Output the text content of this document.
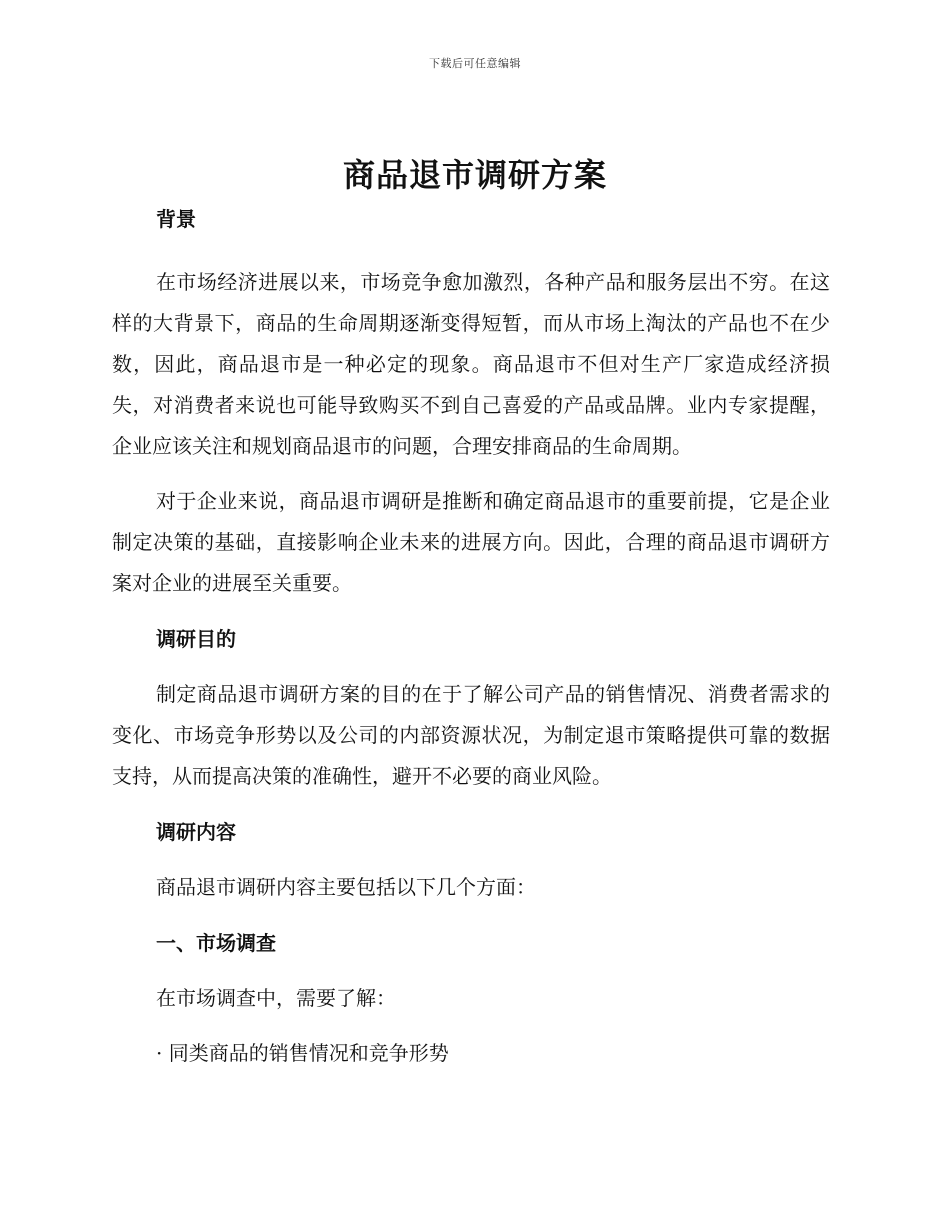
下载后可任意编辑
商品退市调研方案
背景

在市场经济进展以来，市场竞争愈加激烈，各种产品和服务层出不穷。在这样的大背景下，商品的生命周期逐渐变得短暂，而从市场上淘汰的产品也不在少数，因此，商品退市是一种必定的现象。商品退市不但对生产厂家造成经济损失，对消费者来说也可能导致购买不到自己喜爱的产品或品牌。业内专家提醒，企业应该关注和规划商品退市的问题，合理安排商品的生命周期。

对于企业来说，商品退市调研是推断和确定商品退市的重要前提，它是企业制定决策的基础，直接影响企业未来的进展方向。因此，合理的商品退市调研方案对企业的进展至关重要。

调研目的

制定商品退市调研方案的目的在于了解公司产品的销售情况、消费者需求的变化、市场竞争形势以及公司的内部资源状况，为制定退市策略提供可靠的数据支持，从而提高决策的准确性，避开不必要的商业风险。

调研内容

商品退市调研内容主要包括以下几个方面：

一、市场调查

在市场调查中，需要了解：

· 同类商品的销售情况和竞争形势
